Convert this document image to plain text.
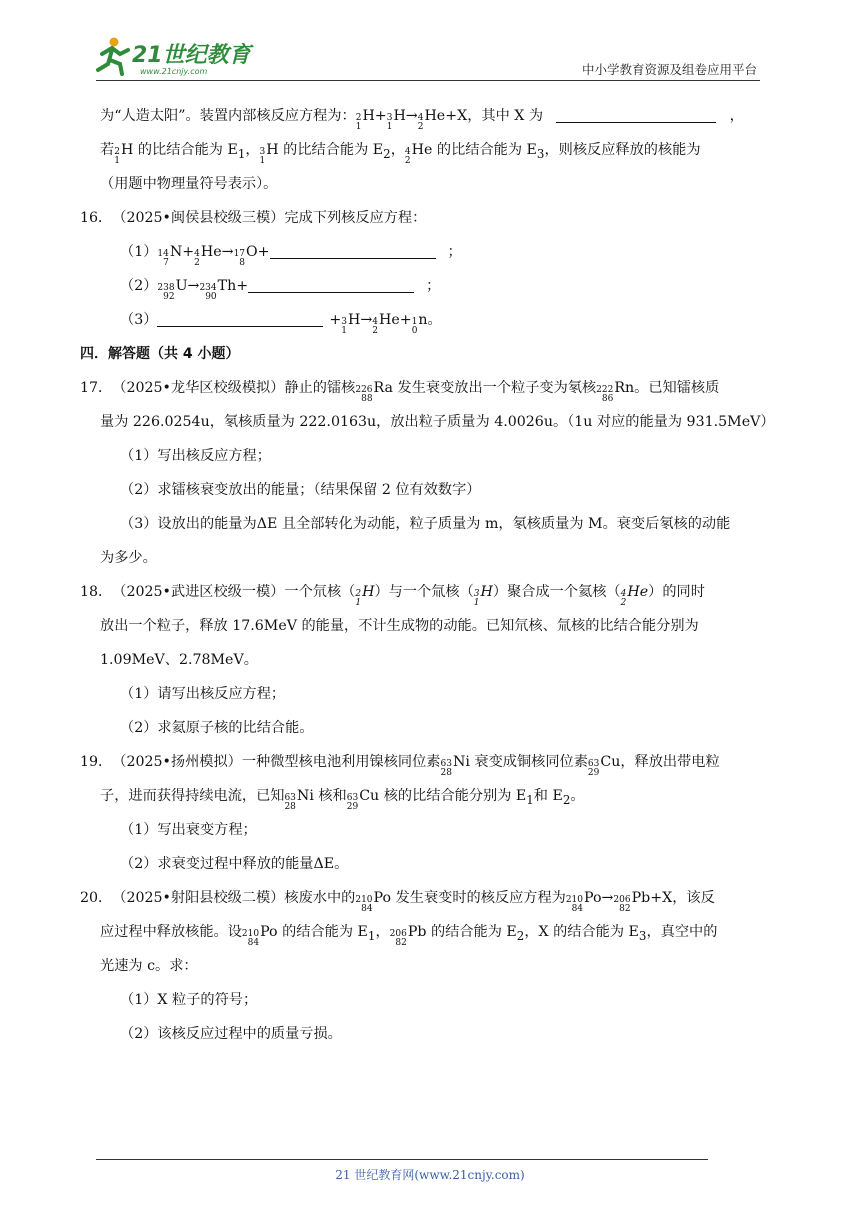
21世纪教育
www.21cnjy.com	中小学教育资源及组卷应用平台
为“人造太阳”。装置内部核反应方程为： 2
1
H+ 3
1
H→ 4
2
He+X，其中 X 为	，
若 2
1
H 的比结合能为 $E_1$， 3
1
H 的比结合能为 $E_2$， 4
2
He 的比结合能为 $E_3$，则核反应释放的核能为
（用题中物理量符号表示）。
16．（2025•闽侯县校级三模）完成下列核反应方程：
（1） 14
7
N+ 4
2
He→ 17
8
O+	；
（2） 238
92
U→ 234
90
Th+	；
（3）	+ 3
1
H→ 4
2
He+ 1
0
n。
四．解答题（共 4 小题）
17．（2025•龙华区校级模拟）静止的镭核 226
88
Ra 发生衰变放出一个粒子变为氡核 222
86
Rn。已知镭核质
量为 226.0254u，氡核质量为 222.0163u，放出粒子质量为 4.0026u。（1u 对应的能量为 931.5MeV）
（1）写出核反应方程；
（2）求镭核衰变放出的能量；（结果保留 2 位有效数字）
（3）设放出的能量为ΔE 且全部转化为动能，粒子质量为 m，氡核质量为 M。衰变后氡核的动能
为多少。
18．（2025•武进区校级一模）一个氘核（ 2
1
H ）与一个氚核（ 3
1
H ）聚合成一个氦核（ 4
2
He ）的同时
放出一个粒子，释放 17.6MeV 的能量，不计生成物的动能。已知氘核、氚核的比结合能分别为
1.09MeV、2.78MeV。
（1）请写出核反应方程；
（2）求氦原子核的比结合能。
19．（2025•扬州模拟）一种微型核电池利用镍核同位素 63
28
Ni 衰变成铜核同位素 63
29
Cu，释放出带电粒
子，进而获得持续电流，已知 63
28
Ni 核和 63
29
Cu 核的比结合能分别为 $E_1$和 $E_2$。
（1）写出衰变方程；
（2）求衰变过程中释放的能量ΔE。
20．（2025•射阳县校级二模）核废水中的 210
84
Po 发生衰变时的核反应方程为 210
84
Po→ 206
82
Pb+X，该反
应过程中释放核能。设 210
84
Po 的结合能为 $E_1$， 206
82
Pb 的结合能为 $E_2$，X 的结合能为 $E_3$，真空中的
光速为 c。求：
（1）X 粒子的符号；
（2）该核反应过程中的质量亏损。
21 世纪教育网(www.21cnjy.com)
